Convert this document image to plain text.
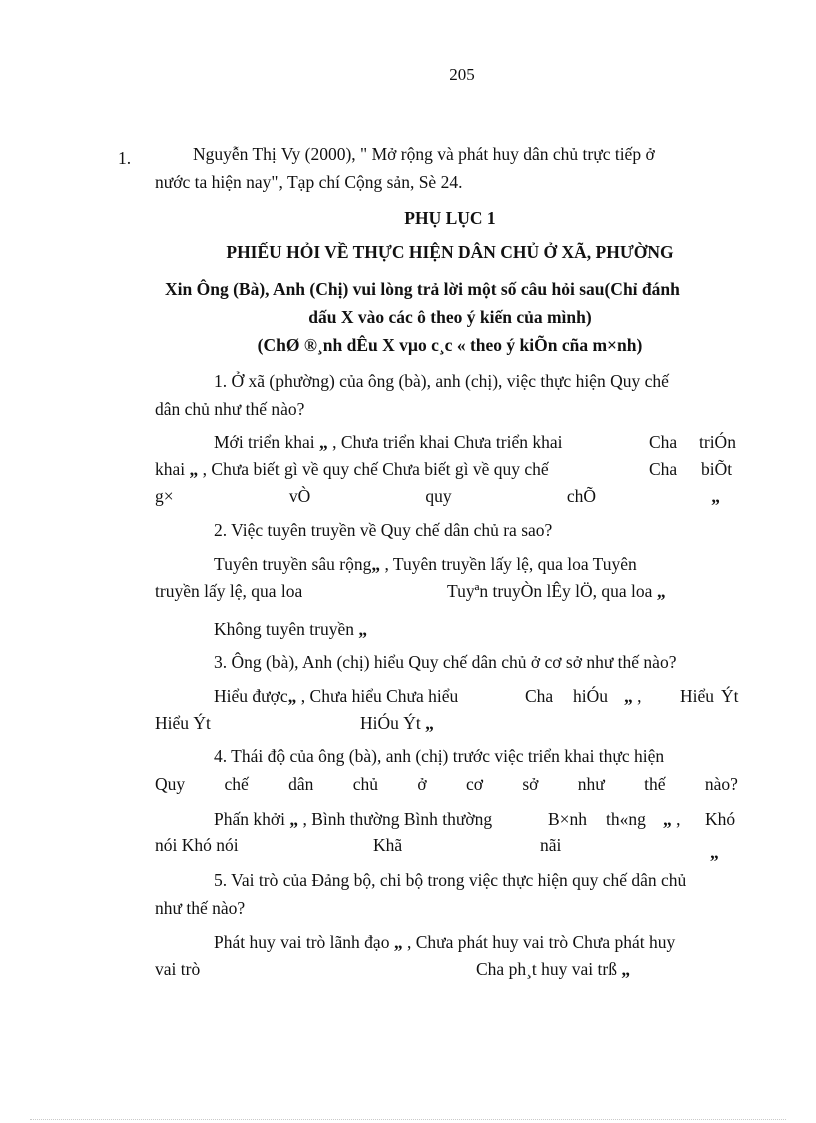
205
1.	Nguyễn Thị Vy (2000), " Mở rộng và phát huy dân chủ trực tiếp ở
nước ta hiện nay", Tạp chí Cộng sản, Sè 24.
PHỤ LỤC 1
PHIẾU HỎI VỀ THỰC HIỆN DÂN CHỦ Ở XÃ, PHƯỜNG
Xin Ông (Bà), Anh (Chị) vui lòng trả lời một số câu hỏi sau(Chỉ đánh
dấu X vào các ô theo ý kiến của mình)
(ChØ ®¸nh dÊu X vµo c¸c « theo ý kiÕn cña m×nh)
1. Ở xã (phường) của ông (bà), anh (chị), việc thực hiện Quy chế
dân chủ như thế nào?
Mới triển khai „ , Chưa triển khai Chưa triển khai	Cha triÓn
khai „ , Chưa biết gì về quy chế Chưa biết gì về quy chế	Cha biÕt
g×	vÒ	quy	chÕ	„
2. Việc tuyên truyền về Quy chế dân chủ ra sao?
Tuyên truyền sâu rộng„ , Tuyên truyền lấy lệ, qua loa Tuyên
truyền lấy lệ, qua loa	Tuyªn truyÒn lÊy lÖ, qua loa „
Không tuyên truyền „
3. Ông (bà), Anh (chị) hiểu Quy chế dân chủ ở cơ sở như thế nào?
Hiểu được„ , Chưa hiểu Chưa hiểu	Cha hiÓu „ , Hiểu Ýt
Hiểu Ýt	HiÓu Ýt „
4. Thái độ của ông (bà), anh (chị) trước việc triển khai thực hiện
Quy chế dân chủ ở cơ sở như thế nào?
Phấn khởi „ , Bình thường Bình thường	B×nh th«ng „ , Khó
nói Khó nói	Khã	nãi	„
5. Vai trò của Đảng bộ, chi bộ trong việc thực hiện quy chế dân chủ
như thế nào?
Phát huy vai trò lãnh đạo „ , Chưa phát huy vai trò Chưa phát huy
vai trò	Cha ph¸t huy vai trß „
